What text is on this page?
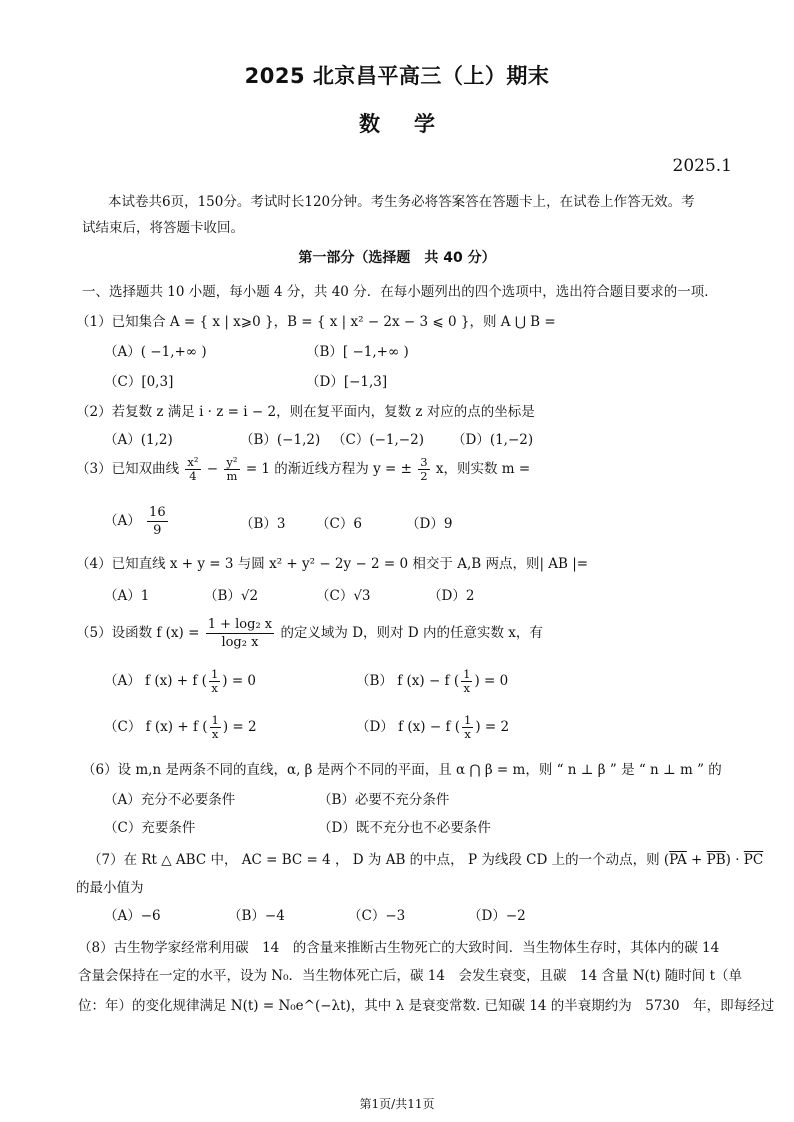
2025 北京昌平高三（上）期末
数学
2025.1
本试卷共6页，150分。考试时长120分钟。考生务必将答案答在答题卡上，在试卷上作答无效。考
试结束后，将答题卡收回。
第一部分（选择题　共 40 分）
一、选择题共 10 小题，每小题 4 分，共 40 分．在每小题列出的四个选项中，选出符合题目要求的一项．
（1）已知集合 A = { x | x⩾0 }，B = { x | x² − 2x − 3 ⩽ 0 }，则 A ⋃ B =
（A）( −1,+∞ )	（B）[ −1,+∞ )
（C）[0,3]	（D）[−1,3]
（2）若复数 z 满足 i · z = i − 2，则在复平面内，复数 z 对应的点的坐标是
（A）(1,2)	（B）(−1,2) （C）(−1,−2) （D）(1,−2)
（3）已知双曲线 $\frac{\text{x²}}{4} - \frac{\text{y²}}{m} = 1$ 的渐近线方程为 y = ± $\frac{3}{2}$ x，则实数 m =
$(A) \frac{16}{9}$	（B）3 （C）6	（D）9
（4）已知直线 x + y = 3 与圆 x² + y² − 2y − 2 = 0 相交于 A,B 两点，则| AB |=
（A）1	（B）√2	（C）√3	（D）2
（5）设函数 f $(x) = \frac{\text{1 + log₂ x}}{\text{log₂ x}}$ 的定义域为 D，则对 D 内的任意实数 x，有
（A） f (x) + f ( $\frac{1}{x}$ ) = 0	（B） f (x) − f ( $\frac{1}{x}$ ) = 0
（C） f (x) + f ( $\frac{1}{x}$ ) = 2	（D） f (x) − f ( $\frac{1}{x}$ ) = 2
（6）设 m,n 是两条不同的直线，α, β 是两个不同的平面，且 α ⋂ β = m，则 “ n ⊥ β ” 是 “ n ⊥ m ” 的
（A）充分不必要条件	（B）必要不充分条件
（C）充要条件	（D）既不充分也不必要条件
（7）在 Rt △ ABC 中， AC = BC = 4 ， D 为 AB 的中点， P 为线段 CD 上的一个动点，则 $(\overline{PA} + \overline{PB}) \cdot \overline{PC}$
的最小值为
（A）−6	（B）−4	（C）−3	（D）−2
（8）古生物学家经常利用碳　14　的含量来推断古生物死亡的大致时间．当生物体生存时，其体内的碳 14
含量会保持在一定的水平，设为 N₀．当生物体死亡后，碳 14　会发生衰变，且碳　14 含量 N(t) 随时间 t（单
位：年）的变化规律满足 N(t) = N₀e^(−λt)，其中 λ 是衰变常数. 已知碳 14 的半衰期约为　5730　年，即每经过
第1页/共11页
